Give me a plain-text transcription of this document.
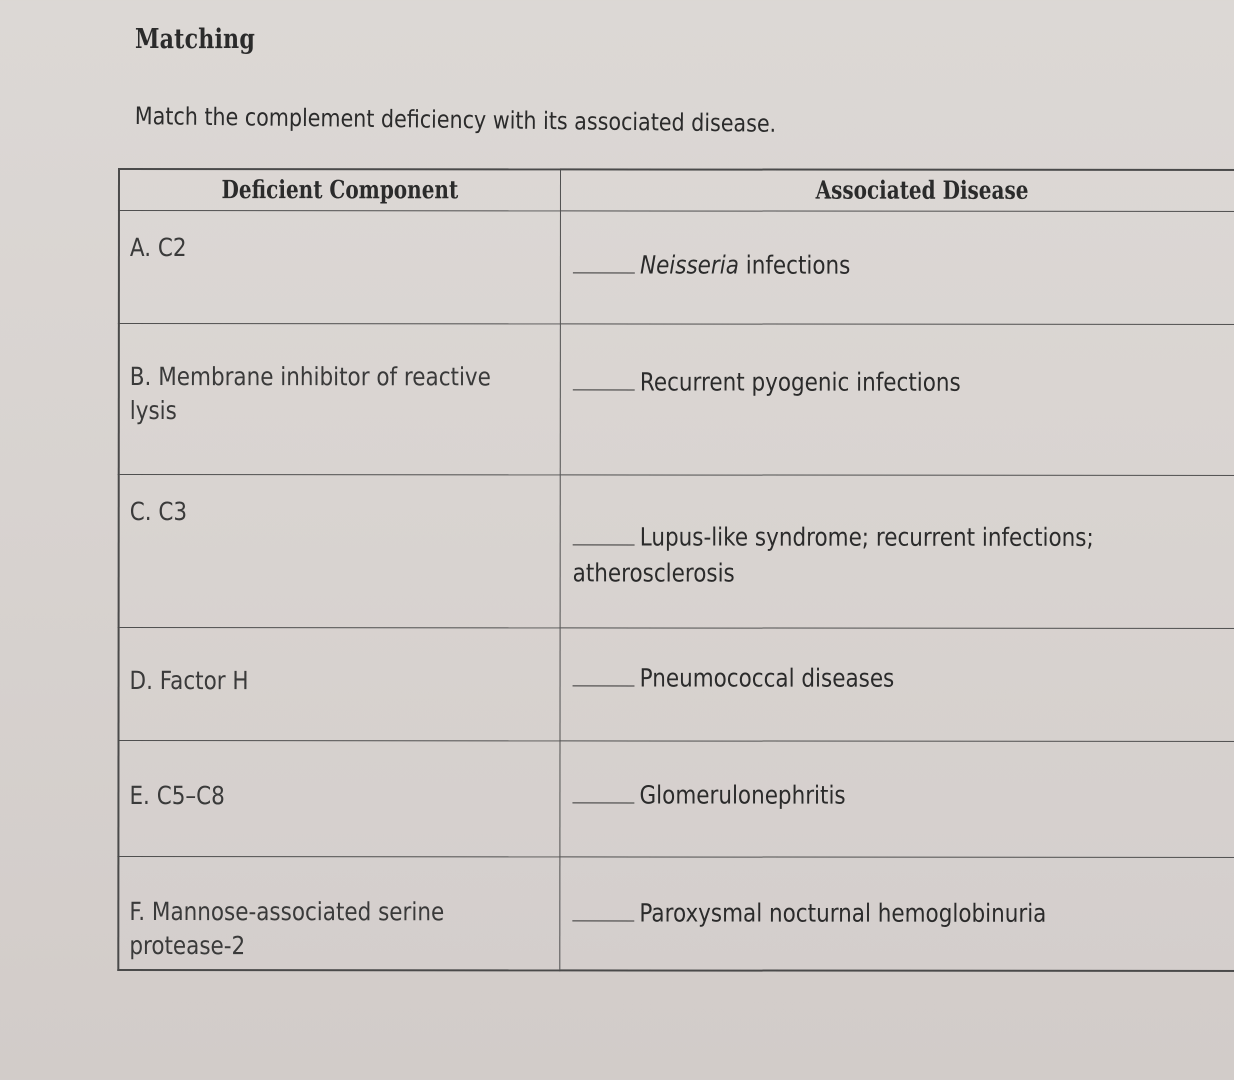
Matching
Match the complement deficiency with its associated disease.
Deficient Component	Associated Disease

A. C2	Neisseria infections

B. Membrane inhibitor of reactive lysis	Recurrent pyogenic infections

C. C3	Lupus-like syndrome; recurrent infections; atherosclerosis

D. Factor H	Pneumococcal diseases

E. C5–C8	Glomerulonephritis

F. Mannose-associated serine protease-2	Paroxysmal nocturnal hemoglobinuria
